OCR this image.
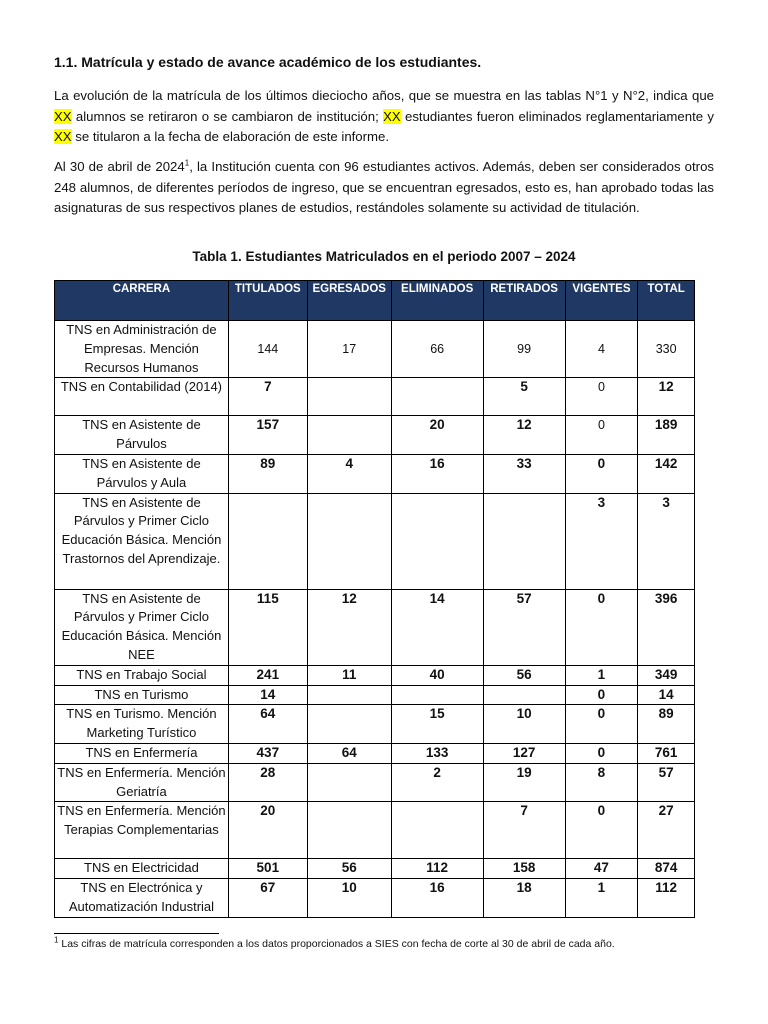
1.1. Matrícula y estado de avance académico de los estudiantes.

La evolución de la matrícula de los últimos dieciocho años, que se muestra en las tablas N°1 y N°2, indica que XX alumnos se retiraron o se cambiaron de institución; XX estudiantes fueron eliminados reglamentariamente y XX se titularon a la fecha de elaboración de este informe.

Al 30 de abril de 2024$^1$, la Institución cuenta con 96 estudiantes activos. Además, deben ser considerados otros 248 alumnos, de diferentes períodos de ingreso, que se encuentran egresados, esto es, han aprobado todas las asignaturas de sus respectivos planes de estudios, restándoles solamente su actividad de titulación.

Tabla 1. Estudiantes Matriculados en el periodo 2007 – 2024
CARRERA	TITULADOS	EGRESADOS	ELIMINADOS	RETIRADOS	VIGENTES	TOTAL
TNS en Administración de Empresas. Mención Recursos Humanos	144	17	66	99	4	330
TNS en Contabilidad (2014)	7			5	0	12
TNS en Asistente de Párvulos	157		20	12	0	189
TNS en Asistente de Párvulos y Aula	89	4	16	33	0	142
TNS en Asistente de Párvulos y Primer Ciclo Educación Básica. Mención Trastornos del Aprendizaje.					3	3
TNS en Asistente de Párvulos y Primer Ciclo Educación Básica. Mención NEE	115	12	14	57	0	396
TNS en Trabajo Social	241	11	40	56	1	349
TNS en Turismo	14				0	14
TNS en Turismo. Mención Marketing Turístico	64		15	10	0	89
TNS en Enfermería	437	64	133	127	0	761
TNS en Enfermería. Mención Geriatría	28		2	19	8	57
TNS en Enfermería. Mención Terapias Complementarias	20			7	0	27
TNS en Electricidad	501	56	112	158	47	874
TNS en Electrónica y Automatización Industrial	67	10	16	18	1	112
$^1$ Las cifras de matrícula corresponden a los datos proporcionados a SIES con fecha de corte al 30 de abril de cada año.
